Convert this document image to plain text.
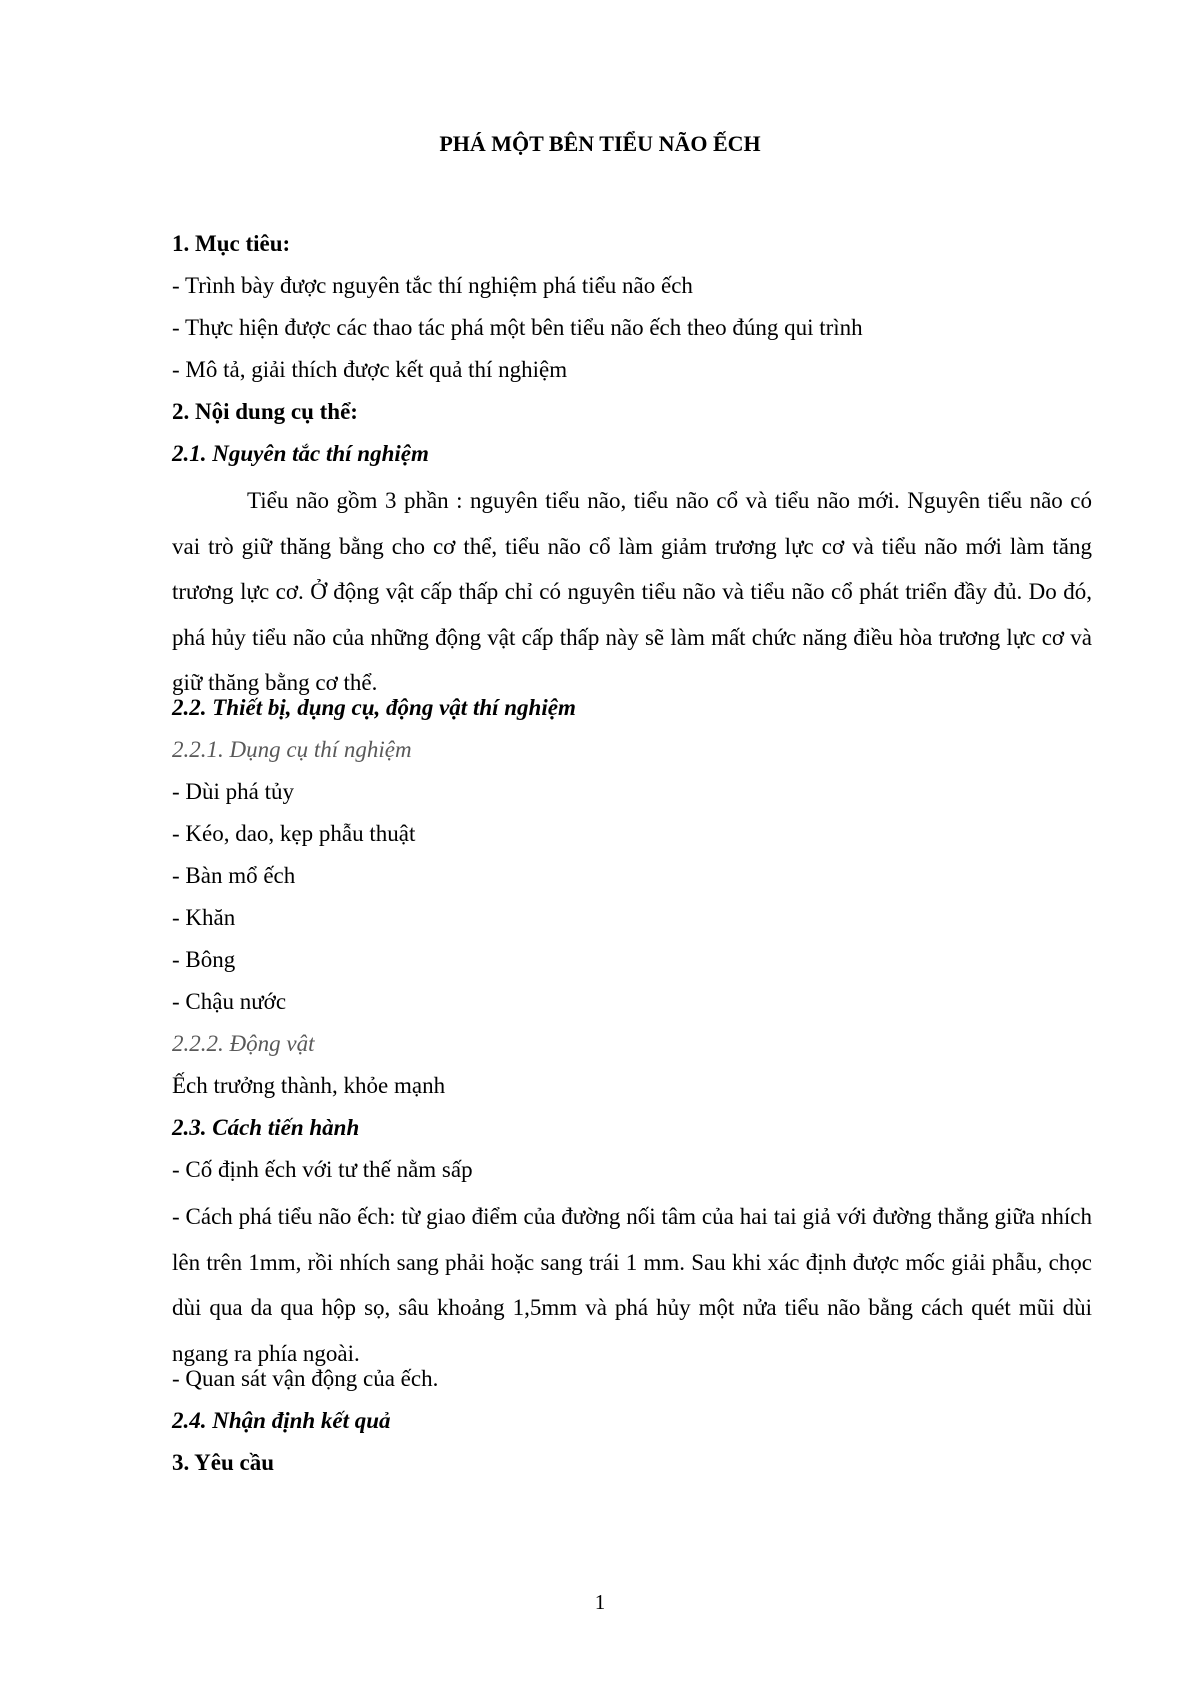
PHÁ MỘT BÊN TIỂU NÃO ẾCH
1. Mục tiêu:
- Trình bày được nguyên tắc thí nghiệm phá tiểu não ếch
- Thực hiện được các thao tác phá một bên tiểu não ếch theo đúng qui trình
- Mô tả, giải thích được kết quả thí nghiệm
2. Nội dung cụ thể:
2.1. Nguyên tắc thí nghiệm
Tiểu não gồm 3 phần : nguyên tiểu não, tiểu não cổ và tiểu não mới. Nguyên tiểu não có vai trò giữ thăng bằng cho cơ thể, tiểu não cổ làm giảm trương lực cơ và tiểu não mới làm tăng trương lực cơ. Ở động vật cấp thấp chỉ có nguyên tiểu não và tiểu não cổ phát triển đầy đủ. Do đó, phá hủy tiểu não của những động vật cấp thấp này sẽ làm mất chức năng điều hòa trương lực cơ và giữ thăng bằng cơ thể.
2.2. Thiết bị, dụng cụ, động vật thí nghiệm
2.2.1. Dụng cụ thí nghiệm
- Dùi phá tủy
- Kéo, dao, kẹp phẫu thuật
- Bàn mổ ếch
- Khăn
- Bông
- Chậu nước
2.2.2. Động vật
Ếch trưởng thành, khỏe mạnh
2.3. Cách tiến hành
- Cố định ếch với tư thế nằm sấp
- Cách phá tiểu não ếch: từ giao điểm của đường nối tâm của hai tai giả với đường thẳng giữa nhích lên trên 1mm, rồi nhích sang phải hoặc sang trái 1 mm. Sau khi xác định được mốc giải phẫu, chọc dùi qua da qua hộp sọ, sâu khoảng 1,5mm và phá hủy một nửa tiểu não bằng cách quét mũi dùi ngang ra phía ngoài.
- Quan sát vận động của ếch.
2.4. Nhận định kết quả
3. Yêu cầu
1
